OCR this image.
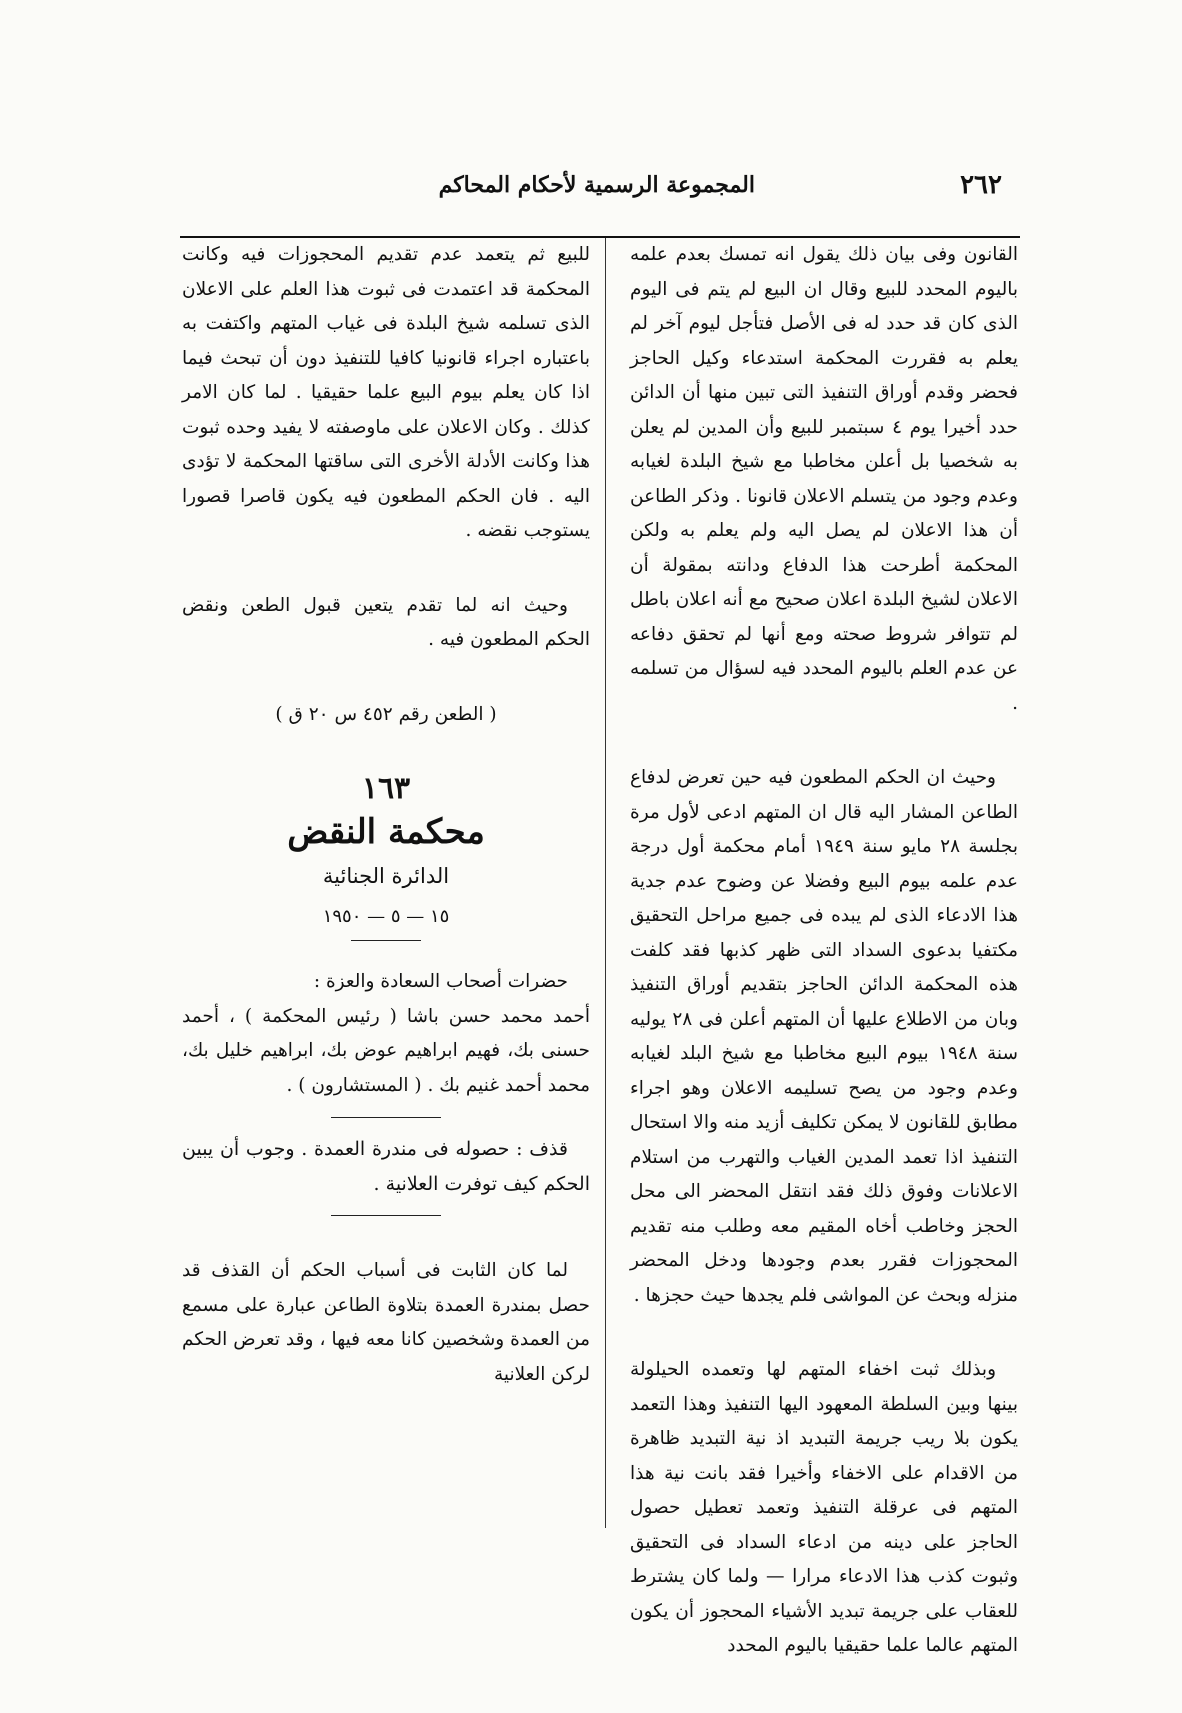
٢٦٢
المجموعة الرسمية لأحكام المحاكم

القانون وفى بيان ذلك يقول انه تمسك بعدم علمه باليوم المحدد للبيع وقال ان البيع لم يتم فى اليوم الذى كان قد حدد له فى الأصل فتأجل ليوم آخر لم يعلم به فقررت المحكمة استدعاء وكيل الحاجز فحضر وقدم أوراق التنفيذ التى تبين منها أن الدائن حدد أخيرا يوم ٤ سبتمبر للبيع وأن المدين لم يعلن به شخصيا بل أعلن مخاطبا مع شيخ البلدة لغيابه وعدم وجود من يتسلم الاعلان قانونا . وذكر الطاعن أن هذا الاعلان لم يصل اليه ولم يعلم به ولكن المحكمة أطرحت هذا الدفاع ودانته بمقولة أن الاعلان لشيخ البلدة اعلان صحيح مع أنه اعلان باطل لم تتوافر شروط صحته ومع أنها لم تحقق دفاعه عن عدم العلم باليوم المحدد فيه لسؤال من تسلمه .

وحيث ان الحكم المطعون فيه حين تعرض لدفاع الطاعن المشار اليه قال ان المتهم ادعى لأول مرة بجلسة ٢٨ مايو سنة ١٩٤٩ أمام محكمة أول درجة عدم علمه بيوم البيع وفضلا عن وضوح عدم جدية هذا الادعاء الذى لم يبده فى جميع مراحل التحقيق مكتفيا بدعوى السداد التى ظهر كذبها فقد كلفت هذه المحكمة الدائن الحاجز بتقديم أوراق التنفيذ وبان من الاطلاع عليها أن المتهم أعلن فى ٢٨ يوليه سنة ١٩٤٨ بيوم البيع مخاطبا مع شيخ البلد لغيابه وعدم وجود من يصح تسليمه الاعلان وهو اجراء مطابق للقانون لا يمكن تكليف أزيد منه والا استحال التنفيذ اذا تعمد المدين الغياب والتهرب من استلام الاعلانات وفوق ذلك فقد انتقل المحضر الى محل الحجز وخاطب أخاه المقيم معه وطلب منه تقديم المحجوزات فقرر بعدم وجودها ودخل المحضر منزله وبحث عن المواشى فلم يجدها حيث حجزها .

وبذلك ثبت اخفاء المتهم لها وتعمده الحيلولة بينها وبين السلطة المعهود اليها التنفيذ وهذا التعمد يكون بلا ريب جريمة التبديد اذ نية التبديد ظاهرة من الاقدام على الاخفاء وأخيرا فقد بانت نية هذا المتهم فى عرقلة التنفيذ وتعمد تعطيل حصول الحاجز على دينه من ادعاء السداد فى التحقيق وثبوت كذب هذا الادعاء مرارا — ولما كان يشترط للعقاب على جريمة تبديد الأشياء المحجوز أن يكون المتهم عالما علما حقيقيا باليوم المحدد

للبيع ثم يتعمد عدم تقديم المحجوزات فيه وكانت المحكمة قد اعتمدت فى ثبوت هذا العلم على الاعلان الذى تسلمه شيخ البلدة فى غياب المتهم واكتفت به باعتباره اجراء قانونيا كافيا للتنفيذ دون أن تبحث فيما اذا كان يعلم بيوم البيع علما حقيقيا . لما كان الامر كذلك . وكان الاعلان على ماوصفته لا يفيد وحده ثبوت هذا وكانت الأدلة الأخرى التى ساقتها المحكمة لا تؤدى اليه . فان الحكم المطعون فيه يكون قاصرا قصورا يستوجب نقضه .

وحيث انه لما تقدم يتعين قبول الطعن ونقض الحكم المطعون فيه .

( الطعن رقم ٤٥٢ س ٢٠ ق )
١٦٣
محكمة النقض
الدائرة الجنائية
١٥ — ٥ — ١٩٥٠

حضرات أصحاب السعادة والعزة :

أحمد محمد حسن باشا ( رئيس المحكمة ) ، أحمد حسنى بك، فهيم ابراهيم عوض بك، ابراهيم خليل بك، محمد أحمد غنيم بك . ( المستشارون ) .

قذف : حصوله فى مندرة العمدة . وجوب أن يبين الحكم كيف توفرت العلانية .

لما كان الثابت فى أسباب الحكم أن القذف قد حصل بمندرة العمدة بتلاوة الطاعن عبارة على مسمع من العمدة وشخصين كانا معه فيها ، وقد تعرض الحكم لركن العلانية
